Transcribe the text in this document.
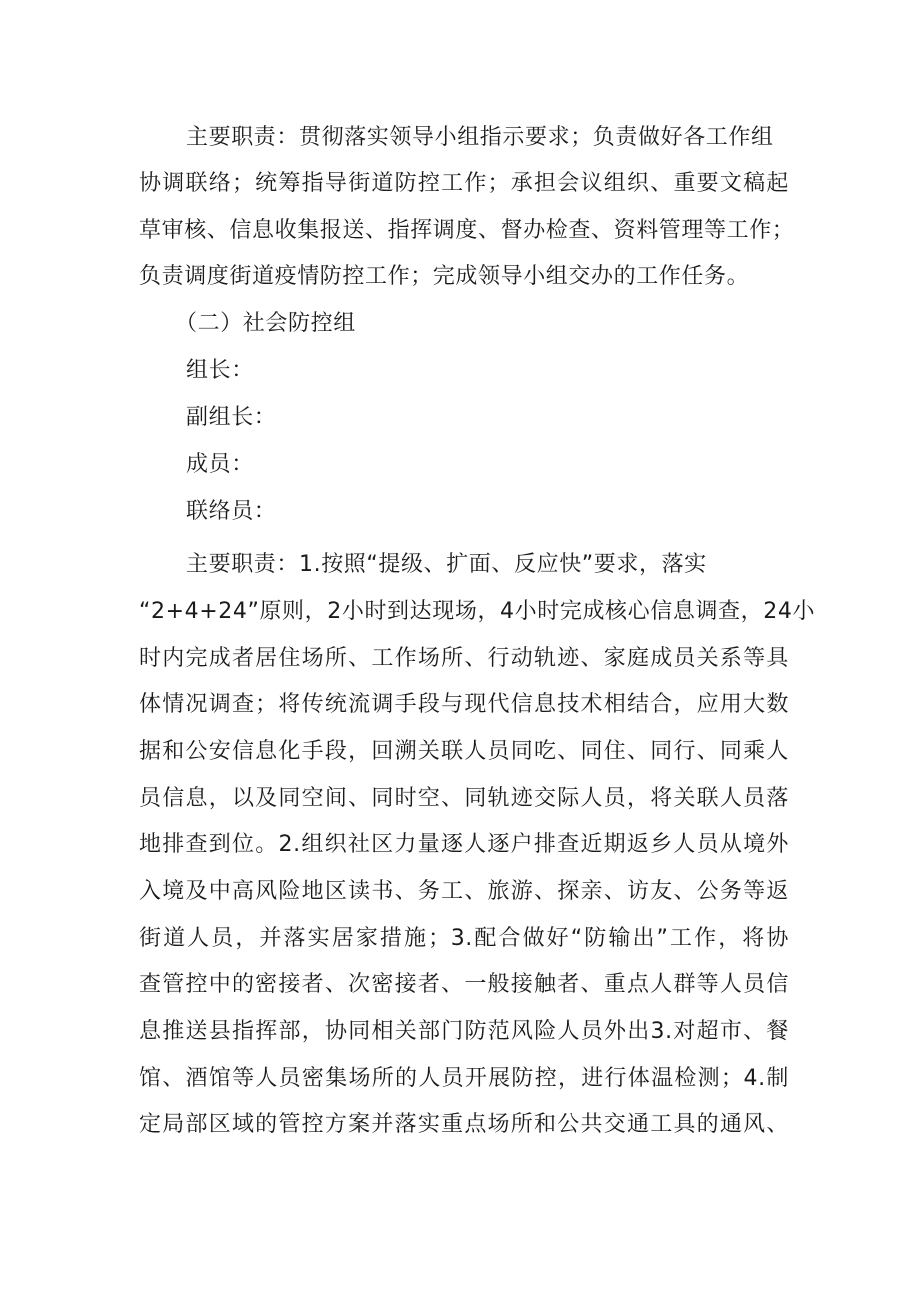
主要职责：贯彻落实领导小组指示要求；负责做好各工作组
协调联络；统筹指导街道防控工作；承担会议组织、重要文稿起
草审核、信息收集报送、指挥调度、督办检查、资料管理等工作；
负责调度街道疫情防控工作；完成领导小组交办的工作任务。
（二）社会防控组
组长：
副组长：
成员：
联络员：
主要职责：1.按照“提级、扩面、反应快”要求，落实
“2+4+24”原则，2小时到达现场，4小时完成核心信息调查，24小
时内完成者居住场所、工作场所、行动轨迹、家庭成员关系等具
体情况调查；将传统流调手段与现代信息技术相结合，应用大数
据和公安信息化手段，回溯关联人员同吃、同住、同行、同乘人
员信息，以及同空间、同时空、同轨迹交际人员，将关联人员落
地排查到位。2.组织社区力量逐人逐户排查近期返乡人员从境外
入境及中高风险地区读书、务工、旅游、探亲、访友、公务等返
街道人员，并落实居家措施；3.配合做好“防输出”工作，将协
查管控中的密接者、次密接者、一般接触者、重点人群等人员信
息推送县指挥部，协同相关部门防范风险人员外出3.对超市、餐
馆、酒馆等人员密集场所的人员开展防控，进行体温检测；4.制
定局部区域的管控方案并落实重点场所和公共交通工具的通风、
